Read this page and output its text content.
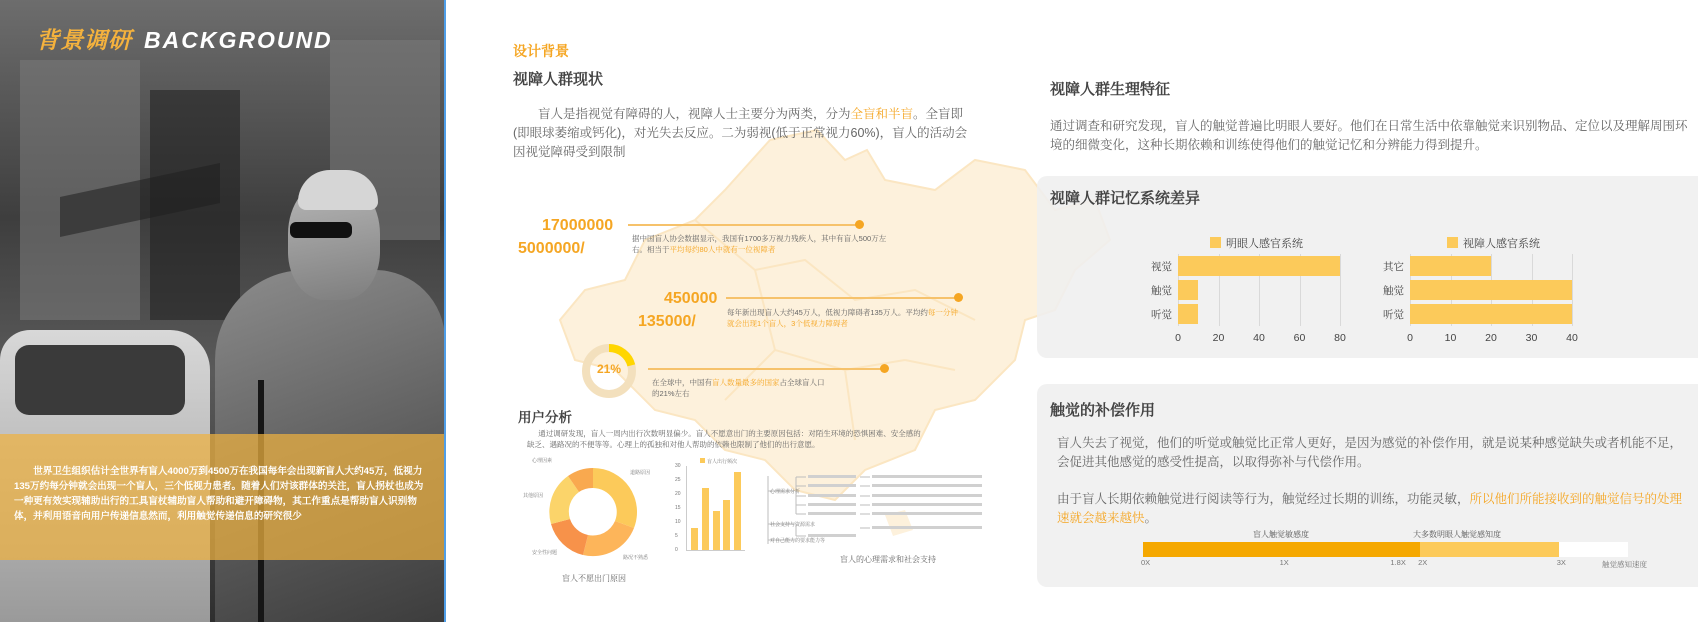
世界卫生组织估计全世界有盲人4000万到4500万在我国每年会出现新盲人大约45万，低视力135万约每分钟就会出现一个盲人，三个低视力患者。随着人们对该群体的关注，盲人拐杖也成为一种更有效实现辅助出行的工具盲杖辅助盲人帮助和避开障碍物，其工作重点是帮助盲人识别物体，并利用语音向用户传递信息然而，利用触觉传递信息的研究很少
背景调研 BACKGROUND	设计背景
视障人群现状
盲人是指视觉有障碍的人，视障人士主要分为两类，分为全盲和半盲。全盲即(即眼球萎缩或钙化)，对光失去反应。二为弱视(低于正常视力60%)，盲人的活动会因视觉障碍受到限制
17000000
5000000/
据中国盲人协会数据显示，我国有1700多万视力残疾人，其中有盲人500万左右。相当于平均每约80人中就有一位视障者
450000
135000/
每年新出现盲人大约45万人，低视力障碍者135万人。平均约每一分钟就会出现1个盲人，3个低视力障碍者
21%
在全球中，中国有盲人数量最多的国家占全球盲人口的21%左右
用户分析
通过调研发现，盲人一周内出行次数明显偏少。盲人不愿意出门的主要原因包括：对陌生环境的恐惧困难、安全感的缺乏、遇路况的不便等等。心理上的孤独和对他人帮助的依赖也限制了他们的出行意愿。
心理因素
道路原因
路况不熟悉
安全性问题
其他原因
盲人不愿出门原因
盲人出行频次
30
25
20
15
10
5
0
心理需求分析
社会支持与资源需求
对自己能力的要求能力等
盲人的心理需求和社会支持
视障人群生理特征
通过调查和研究发现，盲人的触觉普遍比明眼人要好。他们在日常生活中依靠触觉来识别物品、定位以及理解周围环境的细微变化，这种长期依赖和训练使得他们的触觉记忆和分辨能力得到提升。
视障人群记忆系统差异
明眼人感官系统
0	20	40	60	80
视觉
触觉
听觉
视障人感官系统
0	10	20	30	40
其它
触觉
听觉
触觉的补偿作用
盲人失去了视觉，他们的听觉或触觉比正常人更好，是因为感觉的补偿作用，就是说某种感觉缺失或者机能不足，会促进其他感觉的感受性提高，以取得弥补与代偿作用。
由于盲人长期依赖触觉进行阅读等行为，触觉经过长期的训练，功能灵敏，所以他们所能接收到的触觉信号的处理速就会越来越快。
盲人触觉敏感度	大多数明眼人触觉感知度
0X	1X	1.8X 2X	3X	触觉感知速度
